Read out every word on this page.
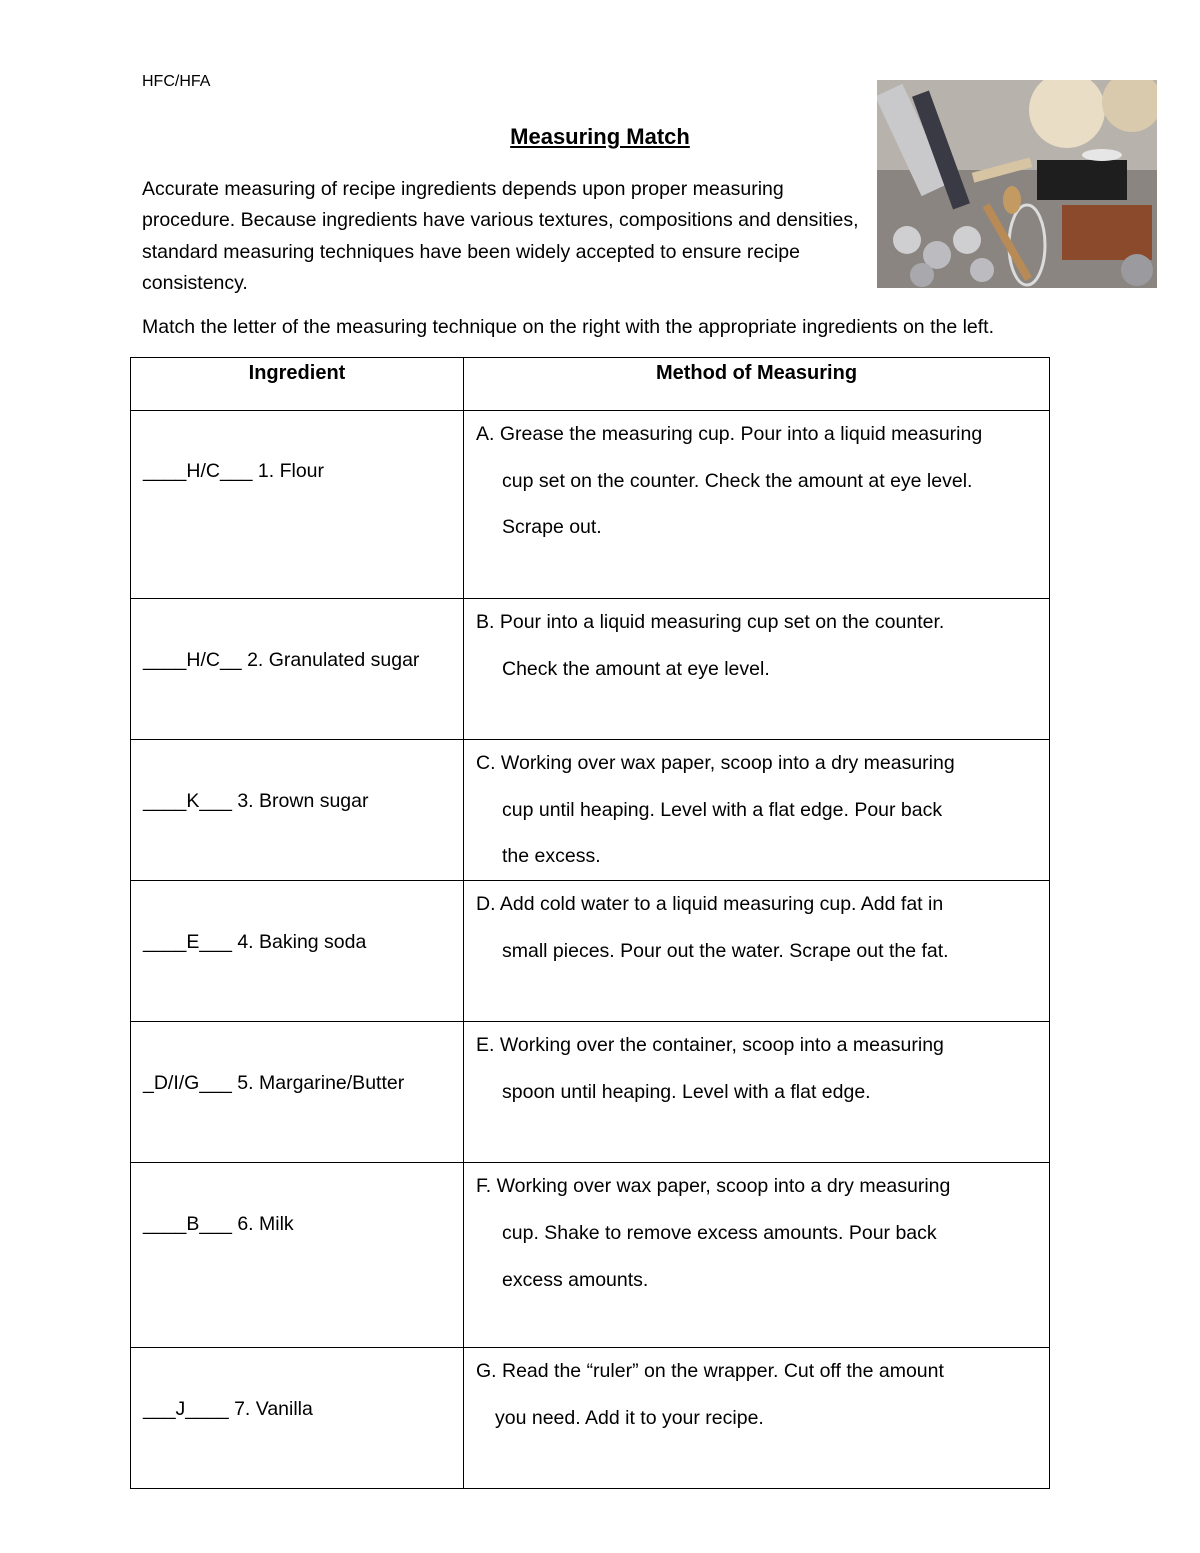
HFC/HFA
Measuring Match

Accurate measuring of recipe ingredients depends upon proper measuring procedure. Because ingredients have various textures, compositions and densities, standard measuring techniques have been widely accepted to ensure recipe consistency.

Match the letter of the measuring technique on the right with the appropriate ingredients on the left.

Ingredient	Method of Measuring

____H/C___ 1. Flour	A. Grease the measuring cup. Pour into a liquid measuring
cup set on the counter. Check the amount at eye level.
Scrape out.

____H/C__ 2. Granulated sugar	B. Pour into a liquid measuring cup set on the counter.
Check the amount at eye level.

____K___ 3. Brown sugar	C. Working over wax paper, scoop into a dry measuring
cup until heaping. Level with a flat edge. Pour back
the excess.

____E___ 4. Baking soda	D. Add cold water to a liquid measuring cup. Add fat in
small pieces. Pour out the water. Scrape out the fat.

_D/I/G___ 5. Margarine/Butter	E. Working over the container, scoop into a measuring
spoon until heaping. Level with a flat edge.

____B___ 6. Milk	F. Working over wax paper, scoop into a dry measuring
cup. Shake to remove excess amounts. Pour back
excess amounts.

___J____ 7. Vanilla	G. Read the “ruler” on the wrapper. Cut off the amount
you need. Add it to your recipe.
